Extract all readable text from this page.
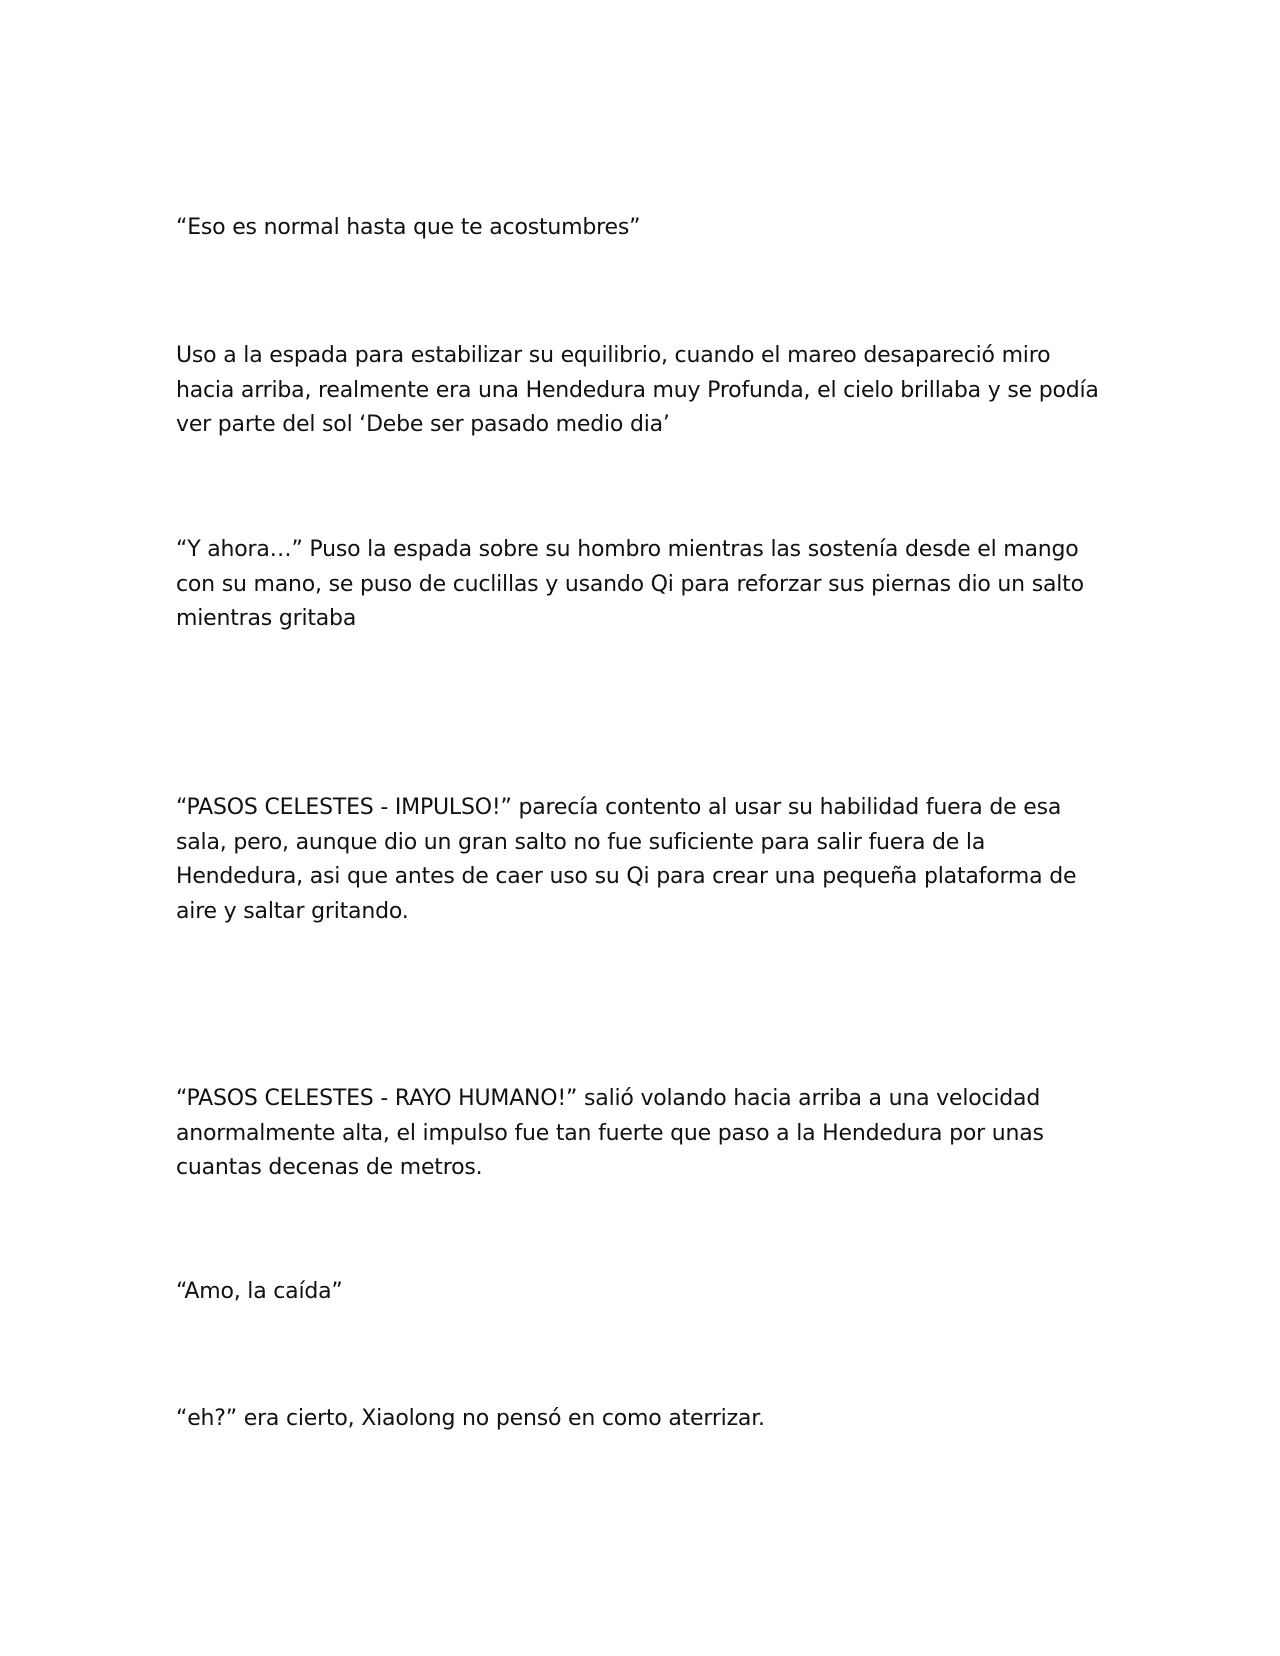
“Eso es normal hasta que te acostumbres”

Uso a la espada para estabilizar su equilibrio, cuando el mareo desapareció miro hacia arriba, realmente era una Hendedura muy Profunda, el cielo brillaba y se podía ver parte del sol ‘Debe ser pasado medio dia’

“Y ahora…” Puso la espada sobre su hombro mientras las sostenía desde el mango con su mano, se puso de cuclillas y usando Qi para reforzar sus piernas dio un salto mientras gritaba

“PASOS CELESTES - IMPULSO!” parecía contento al usar su habilidad fuera de esa sala, pero, aunque dio un gran salto no fue suficiente para salir fuera de la Hendedura, asi que antes de caer uso su Qi para crear una pequeña plataforma de aire y saltar gritando.

“PASOS CELESTES - RAYO HUMANO!” salió volando hacia arriba a una velocidad anormalmente alta, el impulso fue tan fuerte que paso a la Hendedura por unas cuantas decenas de metros.

“Amo, la caída”

“eh?” era cierto, Xiaolong no pensó en como aterrizar.
